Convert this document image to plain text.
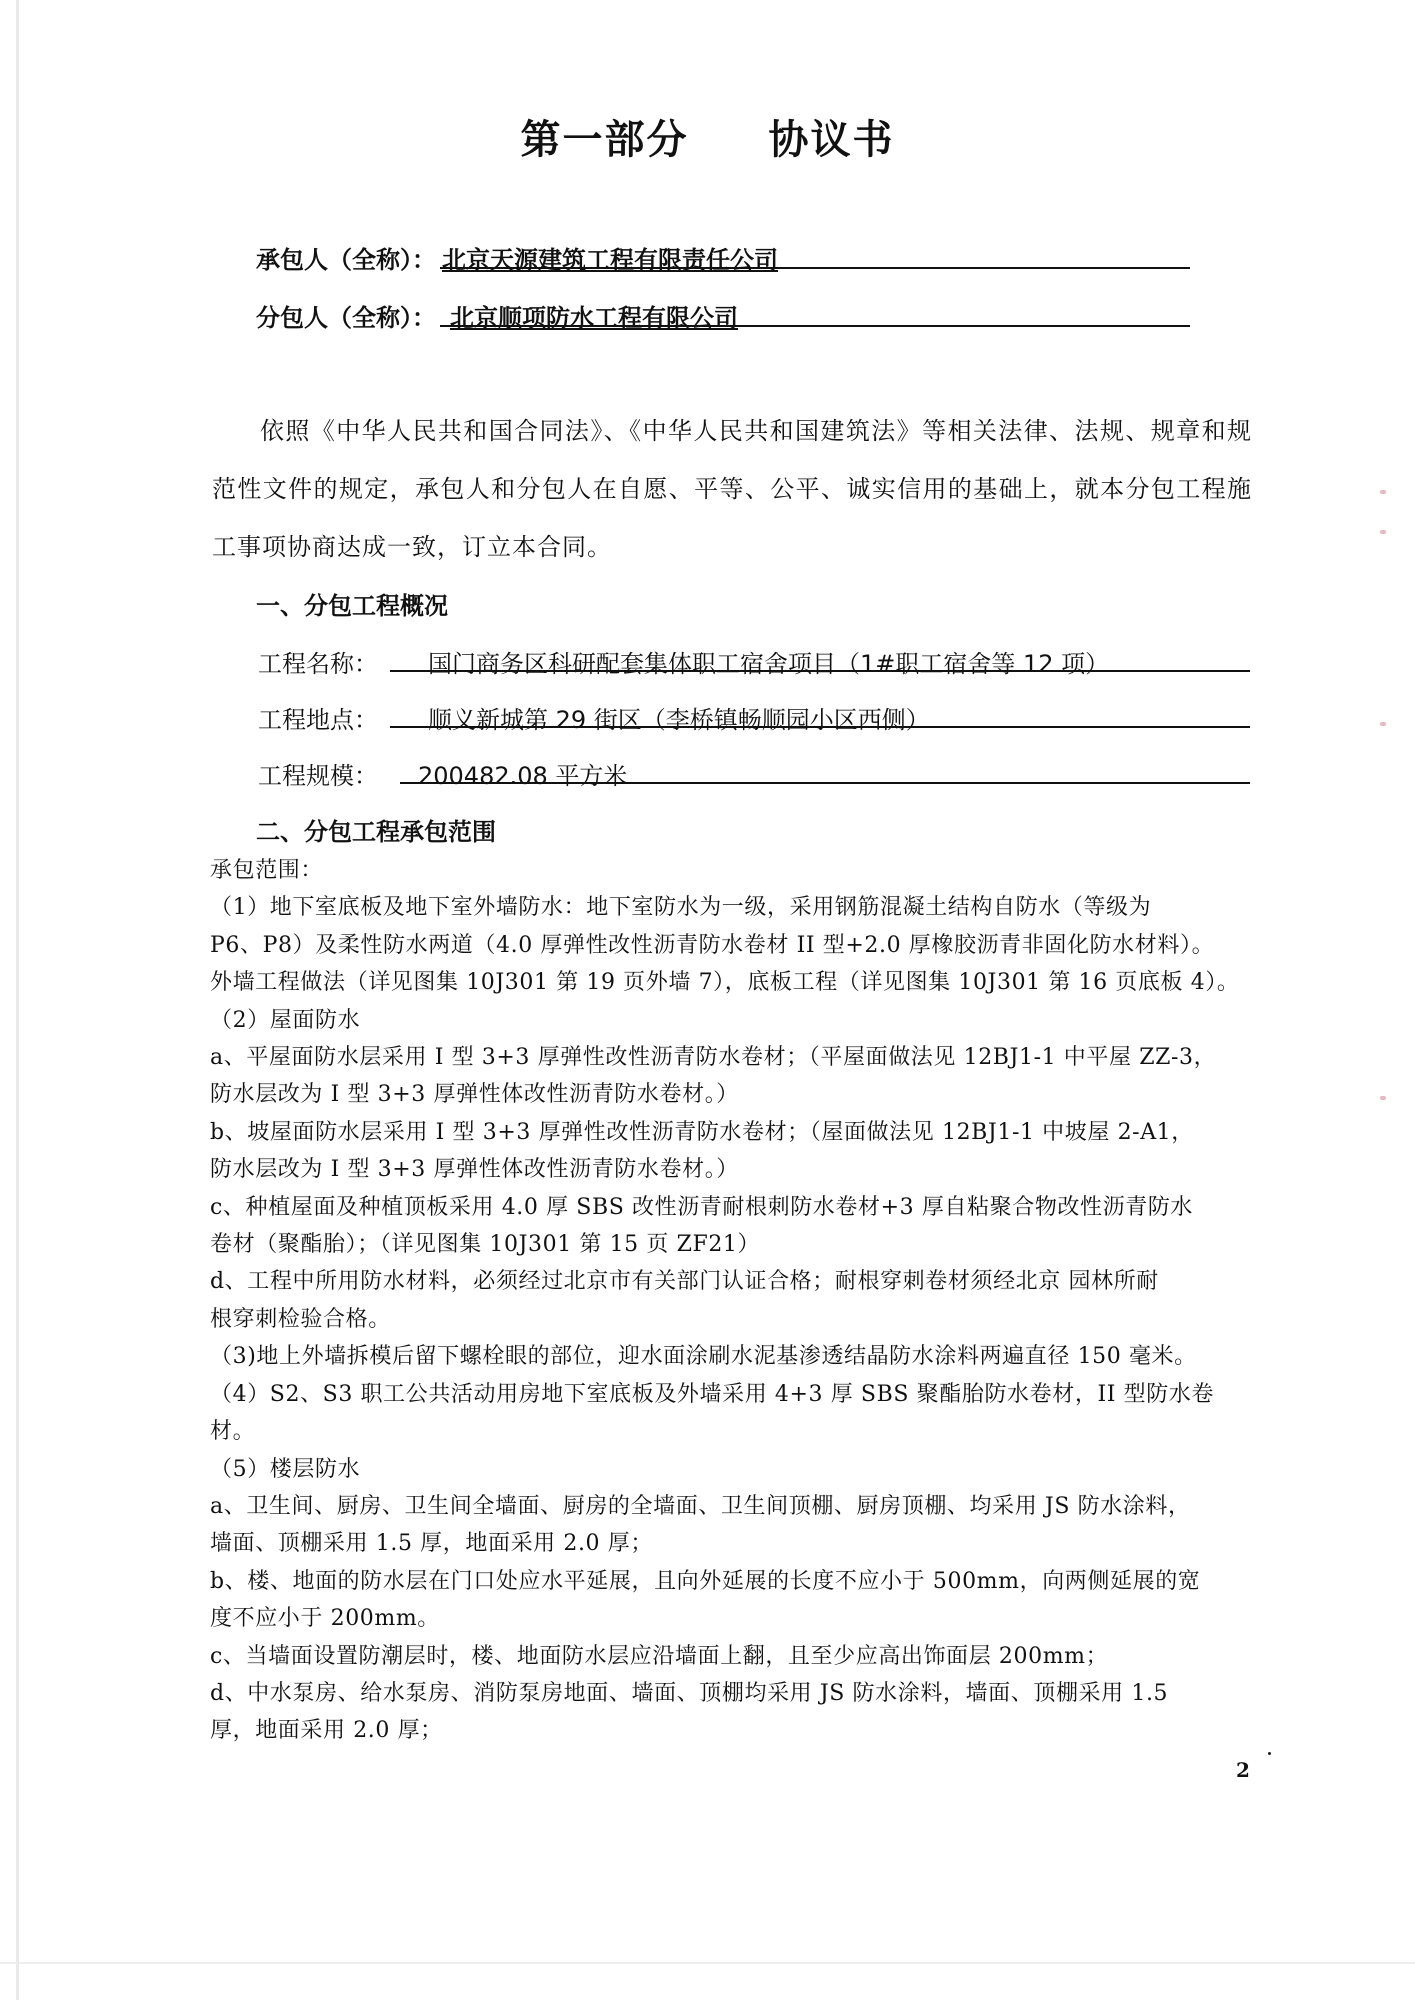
第一部分 协议书
承包人（全称）： 北京天源建筑工程有限责任公司
分包人（全称）： 北京顺项防水工程有限公司

依照《中华人民共和国合同法》、《中华人民共和国建筑法》等相关法律、法规、规章和规范性文件的规定，承包人和分包人在自愿、平等、公平、诚实信用的基础上，就本分包工程施工事项协商达成一致，订立本合同。

一、分包工程概况
工程名称： 国门商务区科研配套集体职工宿舍项目（1#职工宿舍等 12 项）
工程地点： 顺义新城第 29 街区（李桥镇畅顺园小区西侧）
工程规模： 200482.08 平方米
二、分包工程承包范围
承包范围：
（1）地下室底板及地下室外墙防水：地下室防水为一级，采用钢筋混凝土结构自防水（等级为
P6、P8）及柔性防水两道（4.0 厚弹性改性沥青防水卷材 II 型+2.0 厚橡胶沥青非固化防水材料）。
外墙工程做法（详见图集 10J301 第 19 页外墙 7），底板工程（详见图集 10J301 第 16 页底板 4）。
（2）屋面防水
a、平屋面防水层采用 I 型 3+3 厚弹性改性沥青防水卷材；（平屋面做法见 12BJ1-1 中平屋 ZZ-3，
防水层改为 I 型 3+3 厚弹性体改性沥青防水卷材。）
b、坡屋面防水层采用 I 型 3+3 厚弹性改性沥青防水卷材；（屋面做法见 12BJ1-1 中坡屋 2-A1，
防水层改为 I 型 3+3 厚弹性体改性沥青防水卷材。）
c、种植屋面及种植顶板采用 4.0 厚 SBS 改性沥青耐根刺防水卷材+3 厚自粘聚合物改性沥青防水
卷材（聚酯胎）；（详见图集 10J301 第 15 页 ZF21）
d、工程中所用防水材料，必须经过北京市有关部门认证合格；耐根穿刺卷材须经北京 园林所耐
根穿刺检验合格。
（3)地上外墙拆模后留下螺栓眼的部位，迎水面涂刷水泥基渗透结晶防水涂料两遍直径 150 毫米。
（4）S2、S3 职工公共活动用房地下室底板及外墙采用 4+3 厚 SBS 聚酯胎防水卷材，II 型防水卷
材。
（5）楼层防水
a、卫生间、厨房、卫生间全墙面、厨房的全墙面、卫生间顶棚、厨房顶棚、均采用 JS 防水涂料，
墙面、顶棚采用 1.5 厚，地面采用 2.0 厚；
b、楼、地面的防水层在门口处应水平延展，且向外延展的长度不应小于 500mm，向两侧延展的宽
度不应小于 200mm。
c、当墙面设置防潮层时，楼、地面防水层应沿墙面上翻，且至少应高出饰面层 200mm；
d、中水泵房、给水泵房、消防泵房地面、墙面、顶棚均采用 JS 防水涂料，墙面、顶棚采用 1.5
厚，地面采用 2.0 厚；
2
